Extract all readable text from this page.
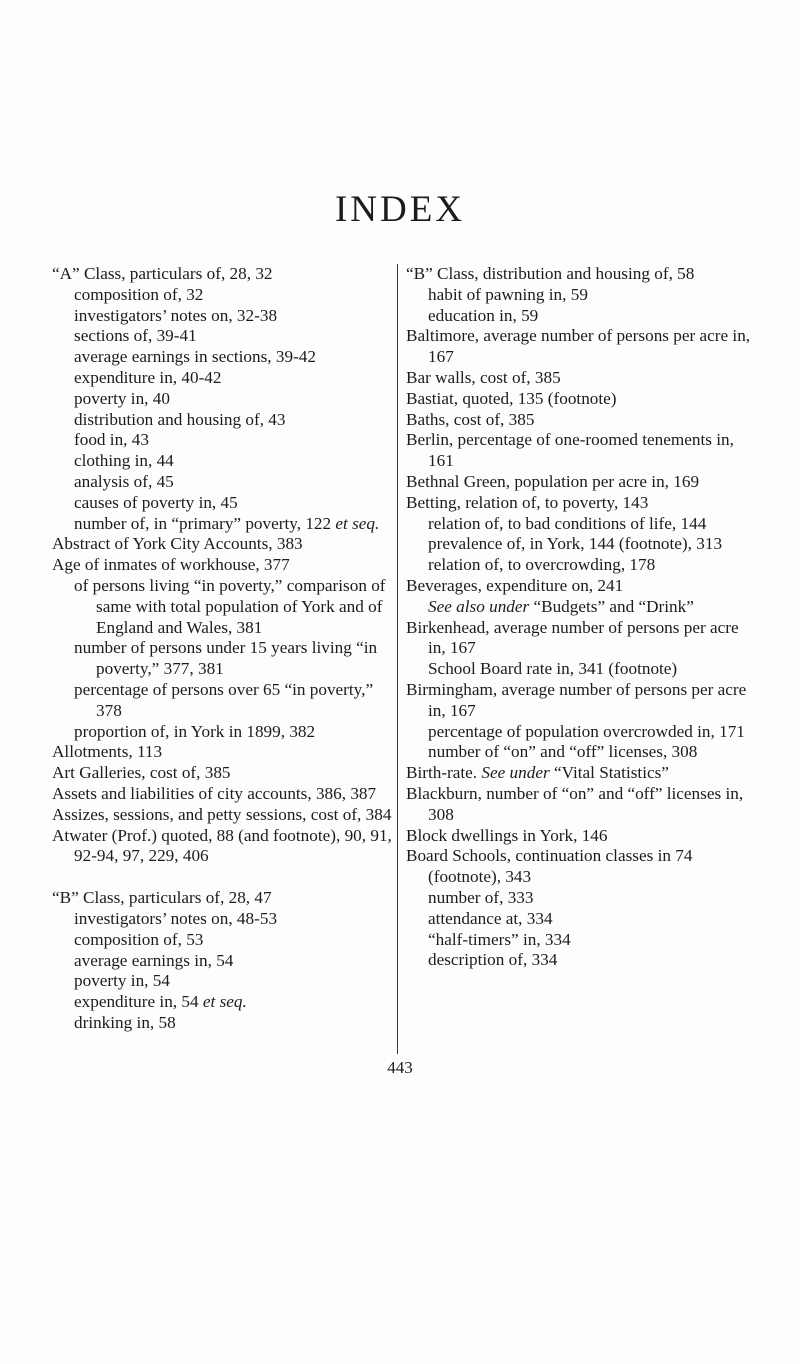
INDEX
“A” Class, particulars of, 28, 32
composition of, 32
investigators’ notes on, 32-38
sections of, 39-41
average earnings in sections, 39-42
expenditure in, 40-42
poverty in, 40
distribution and housing of, 43
food in, 43
clothing in, 44
analysis of, 45
causes of poverty in, 45
number of, in “primary” poverty, 122 et seq.
Abstract of York City Accounts, 383
Age of inmates of workhouse, 377
of persons living “in poverty,” comparison of same with total population of York and of England and Wales, 381
number of persons under 15 years living “in poverty,” 377, 381
percentage of persons over 65 “in poverty,” 378
proportion of, in York in 1899, 382
Allotments, 113
Art Galleries, cost of, 385
Assets and liabilities of city accounts, 386, 387
Assizes, sessions, and petty sessions, cost of, 384
Atwater (Prof.) quoted, 88 (and footnote), 90, 91, 92-94, 97, 229, 406
“B” Class, particulars of, 28, 47
investigators’ notes on, 48-53
composition of, 53
average earnings in, 54
poverty in, 54
expenditure in, 54 et seq.
drinking in, 58
“B” Class, distribution and housing of, 58
habit of pawning in, 59
education in, 59
Baltimore, average number of persons per acre in, 167
Bar walls, cost of, 385
Bastiat, quoted, 135 (footnote)
Baths, cost of, 385
Berlin, percentage of one-roomed tenements in, 161
Bethnal Green, population per acre in, 169
Betting, relation of, to poverty, 143
relation of, to bad conditions of life, 144
prevalence of, in York, 144 (footnote), 313
relation of, to overcrowding, 178
Beverages, expenditure on, 241
See also under “Budgets” and “Drink”
Birkenhead, average number of persons per acre in, 167
School Board rate in, 341 (footnote)
Birmingham, average number of persons per acre in, 167
percentage of population overcrowded in, 171
number of “on” and “off” licenses, 308
Birth-rate. See under “Vital Statistics”
Blackburn, number of “on” and “off” licenses in, 308
Block dwellings in York, 146
Board Schools, continuation classes in 74 (footnote), 343
number of, 333
attendance at, 334
“half-timers” in, 334
description of, 334
443
